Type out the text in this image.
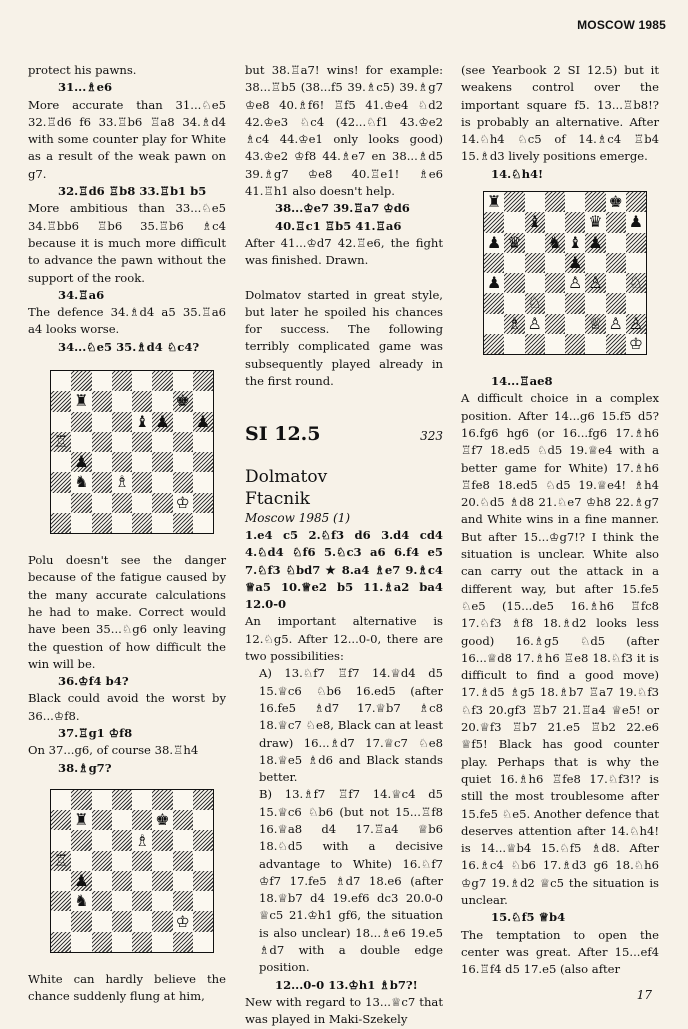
MOSCOW 1985

protect his pawns.

31...♗e6

More accurate than 31...♘e5 32.♖d6 f6 33.♖b6 ♖a8 34.♗d4 with some counter play for White as a result of the weak pawn on g7.

32.♖d6 ♖b8 33.♖b1 b5

More ambitious than 33...♘e5 34.♖bb6 ♖b6 35.♖b6 ♗c4 because it is much more difficult to advance the pawn without the support of the rook.

34.♖a6

The defence 34.♗d4 a5 35.♖a6 a4 looks worse.

34...♘e5 35.♗d4 ♘c4?

♜	♚
♝ ♟ ♟
♖
♟
♞ ♗
♔

Polu doesn't see the danger because of the fatigue caused by the many accurate calculations he had to make. Correct would have been 35...♘g6 only leaving the question of how difficult the win will be.

36.♔f4 b4?

Black could avoid the worst by 36...♔f8.

37.♖g1 ♔f8

On 37...g6, of course 38.♖h4

38.♗g7?

♜	♚
♗
♖
♟
♞
♔

White can hardly believe the chance suddenly flung at him,

but 38.♖a7! wins! for example: 38...♖b5 (38...f5 39.♗c5) 39.♗g7 ♔e8 40.♗f6! ♖f5 41.♔e4 ♘d2 42.♔e3 ♘c4 (42...♘f1 43.♔e2 ♗c4 44.♔e1 only looks good) 43.♔e2 ♔f8 44.♗e7 en 38...♗d5 39.♗g7 ♔e8 40.♖e1! ♗e6 41.♖h1 also doesn't help.

38...♔e7 39.♖a7 ♔d6

40.♖c1 ♖b5 41.♖a6

After 41...♔d7 42.♖e6, the fight was finished. Drawn.

Dolmatov started in great style, but later he spoiled his chances for success. The following terribly complicated game was subsequently played already in the first round.

SI 12.5	323

Dolmatov

Ftacnik

Moscow 1985 (1)

1.e4 c5 2.♘f3 d6 3.d4 cd4 4.♘d4 ♘f6 5.♘c3 a6 6.f4 e5 7.♘f3 ♘bd7 ★ 8.a4 ♗e7 9.♗c4 ♕a5 10.♕e2 b5 11.♗a2 ba4 12.0-0

An important alternative is 12.♘g5. After 12...0-0, there are two possibilities:

A) 13.♘f7 ♖f7 14.♕d4 d5 15.♕c6 ♘b6 16.ed5 (after 16.fe5 ♗d7 17.♕b7 ♗c8 18.♕c7 ♘e8, Black can at least draw) 16...♗d7 17.♕c7 ♘e8 18.♕e5 ♗d6 and Black stands better.

B) 13.♗f7 ♖f7 14.♕c4 d5 15.♕c6 ♘b6 (but not 15...♖f8 16.♕a8 d4 17.♖a4 ♕b6 18.♘d5 with a decisive advantage to White) 16.♘f7 ♔f7 17.fe5 ♗d7 18.e6 (after 18.♕b7 d4 19.ef6 dc3 20.0-0 ♕c5 21.♔h1 gf6, the situation is also unclear) 18...♗e6 19.e5 ♗d7 with a double edge position.

12...0-0 13.♔h1 ♗b7?!

New with regard to 13...♕c7 that was played in Maki-Szekely

(see Yearbook 2 SI 12.5) but it weakens control over the important square f5. 13...♖b8!? is probably an alternative. After 14.♘h4 ♘c5 of 14.♗c4 ♖b4 15.♗d3 lively positions emerge.

14.♘h4!

♜	♚
♝	♛ ♟
♟ ♛ ♞ ♝ ♟
♟
♟	♙ ♙ ♘
♘
♗ ♙	♕ ♙ ♙
♔

14...♖ae8

A difficult choice in a complex position. After 14...g6 15.f5 d5? 16.fg6 hg6 (or 16...fg6 17.♗h6 ♖f7 18.ed5 ♘d5 19.♕e4 with a better game for White) 17.♗h6 ♖fe8 18.ed5 ♘d5 19.♕e4! ♗h4 20.♘d5 ♗d8 21.♘e7 ♔h8 22.♗g7 and White wins in a fine manner. But after 15...♔g7!? I think the situation is unclear. White also can carry out the attack in a different way, but after 15.fe5 ♘e5 (15...de5 16.♗h6 ♖fc8 17.♘f3 ♗f8 18.♗d2 looks less good) 16.♗g5 ♘d5 (after 16...♕d8 17.♗h6 ♖e8 18.♘f3 it is difficult to find a good move) 17.♗d5 ♗g5 18.♗b7 ♖a7 19.♘f3 ♘f3 20.gf3 ♖b7 21.♖a4 ♕e5! or 20.♕f3 ♖b7 21.e5 ♖b2 22.e6 ♕f5! Black has good counter play. Perhaps that is why the quiet 16.♗h6 ♖fe8 17.♘f3!? is still the most troublesome after 15.fe5 ♘e5. Another defence that deserves attention after 14.♘h4! is 14...♕b4 15.♘f5 ♗d8. After 16.♗c4 ♘b6 17.♗d3 g6 18.♘h6 ♔g7 19.♗d2 ♕c5 the situation is unclear.

15.♘f5 ♕b4

The temptation to open the center was great. After 15...ef4 16.♖f4 d5 17.e5 (also after

17
